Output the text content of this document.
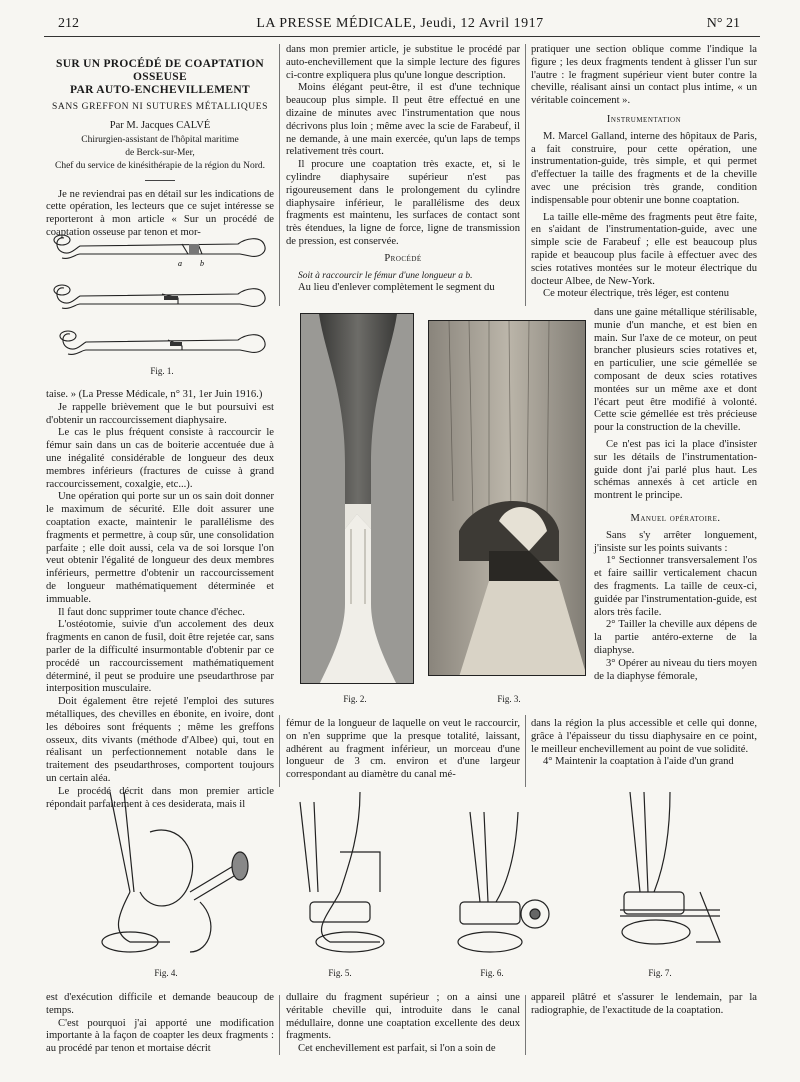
212	LA PRESSE MÉDICALE, Jeudi, 12 Avril 1917	N° 21
SUR UN PROCÉDÉ DE COAPTATION OSSEUSE
PAR AUTO-ENCHEVILLEMENT
SANS GREFFON NI SUTURES MÉTALLIQUES
Par M. Jacques CALVÉ
Chirurgien-assistant de l'hôpital maritime
de Berck-sur-Mer,
Chef du service de kinésithérapie de la région du Nord.

Je ne reviendrai pas en détail sur les indications de cette opération, les lecteurs que ce sujet intéresse se reporteront à mon article « Sur un procédé de coaptation osseuse par tenon et mor-

a b
Fig. 1.

taise. » (La Presse Médicale, n° 31, 1er Juin 1916.)

Je rappelle brièvement que le but poursuivi est d'obtenir un raccourcissement diaphysaire.

Le cas le plus fréquent consiste à raccourcir le fémur sain dans un cas de boiterie accentuée due à une inégalité considérable de longueur des deux membres inférieurs (fractures de cuisse à grand raccourcissement, coxalgie, etc...).

Une opération qui porte sur un os sain doit donner le maximum de sécurité. Elle doit assurer une coaptation exacte, maintenir le parallélisme des fragments et permettre, à coup sûr, une consolidation parfaite ; elle doit aussi, cela va de soi lorsque l'on veut obtenir l'égalité de longueur des deux membres inférieurs, permettre d'obtenir un raccourcissement de longueur mathématiquement déterminée et immuable.

Il faut donc supprimer toute chance d'échec.

L'ostéotomie, suivie d'un accolement des deux fragments en canon de fusil, doit être rejetée car, sans parler de la difficulté insurmontable d'obtenir par ce procédé un raccourcissement mathématiquement déterminé, il peut se produire une pseudarthrose par interposition musculaire.

Doit également être rejeté l'emploi des sutures métalliques, des chevilles en ébonite, en ivoire, dont les déboires sont fréquents ; même les greffons osseux, dits vivants (méthode d'Albee) qui, tout en réalisant un perfectionnement notable dans le traitement des pseudarthroses, comportent toujours un certain aléa.

Le procédé décrit dans mon premier article répondait parfaitement à ces desiderata, mais il

dans mon premier article, je substitue le procédé par auto-enchevillement que la simple lecture des figures ci-contre expliquera plus qu'une longue description.

Moins élégant peut-être, il est d'une technique beaucoup plus simple. Il peut être effectué en une dizaine de minutes avec l'instrumentation que nous décrivons plus loin ; même avec la scie de Farabeuf, il ne demande, à une main exercée, qu'un laps de temps relativement très court.

Il procure une coaptation très exacte, et, si le cylindre diaphysaire supérieur n'est pas rigoureusement dans le prolongement du cylindre diaphysaire inférieur, le parallélisme des deux fragments est maintenu, les surfaces de contact sont très étendues, la ligne de force, ligne de transmission de pression, est conservée.

Procédé

Soit à raccourcir le fémur d'une longueur a b.

Au lieu d'enlever complètement le segment du

pratiquer une section oblique comme l'indique la figure ; les deux fragments tendent à glisser l'un sur l'autre : le fragment supérieur vient buter contre la cheville, réalisant ainsi un contact plus intime, « un véritable coincement ».

Instrumentation

M. Marcel Galland, interne des hôpitaux de Paris, a fait construire, pour cette opération, une instrumentation-guide, très simple, et qui permet d'effectuer la taille des fragments et de la cheville avec une précision très grande, condition indispensable pour obtenir une bonne coaptation.

La taille elle-même des fragments peut être faite, en s'aidant de l'instrumentation-guide, avec une simple scie de Farabeuf ; elle est beaucoup plus rapide et beaucoup plus facile à effectuer avec des scies rotatives montées sur le moteur électrique du docteur Albee, de New-York.

Ce moteur électrique, très léger, est contenu

dans une gaine métallique stérilisable, munie d'un manche, et est bien en main. Sur l'axe de ce moteur, on peut brancher plusieurs scies rotatives et, en particulier, une scie gémellée se composant de deux scies rotatives montées sur un même axe et dont l'écart peut être modifié à volonté. Cette scie gémellée est très précieuse pour la construction de la cheville.

Ce n'est pas ici la place d'insister sur les détails de l'instrumentation-guide dont j'ai parlé plus haut. Les schémas annexés à cet article en montrent le principe.

Manuel opératoire.

Sans s'y arrêter longuement, j'insiste sur les points suivants :

1° Sectionner transversalement l'os et faire saillir verticalement chacun des fragments. La taille de ceux-ci, guidée par l'instrumentation-guide, est alors très facile.

2° Tailler la cheville aux dépens de la partie antéro-externe de la diaphyse.

3° Opérer au niveau du tiers moyen de la diaphyse fémorale,

Fig. 2.	Fig. 3.

fémur de la longueur de laquelle on veut le raccourcir, on n'en supprime que la presque totalité, laissant, adhérent au fragment inférieur, un morceau d'une longueur de 3 cm. environ et d'une largeur correspondant au diamètre du canal mé-

dans la région la plus accessible et celle qui donne, grâce à l'épaisseur du tissu diaphysaire en ce point, le meilleur enchevillement au point de vue solidité.

4° Maintenir la coaptation à l'aide d'un grand

Fig. 4.	Fig. 5.	Fig. 6.	Fig. 7.

est d'exécution difficile et demande beaucoup de temps.

C'est pourquoi j'ai apporté une modification importante à la façon de coapter les deux fragments : au procédé par tenon et mortaise décrit

dullaire du fragment supérieur ; on a ainsi une véritable cheville qui, introduite dans le canal médullaire, donne une coaptation excellente des deux fragments.

Cet enchevillement est parfait, si l'on a soin de

appareil plâtré et s'assurer le lendemain, par la radiographie, de l'exactitude de la coaptation.
